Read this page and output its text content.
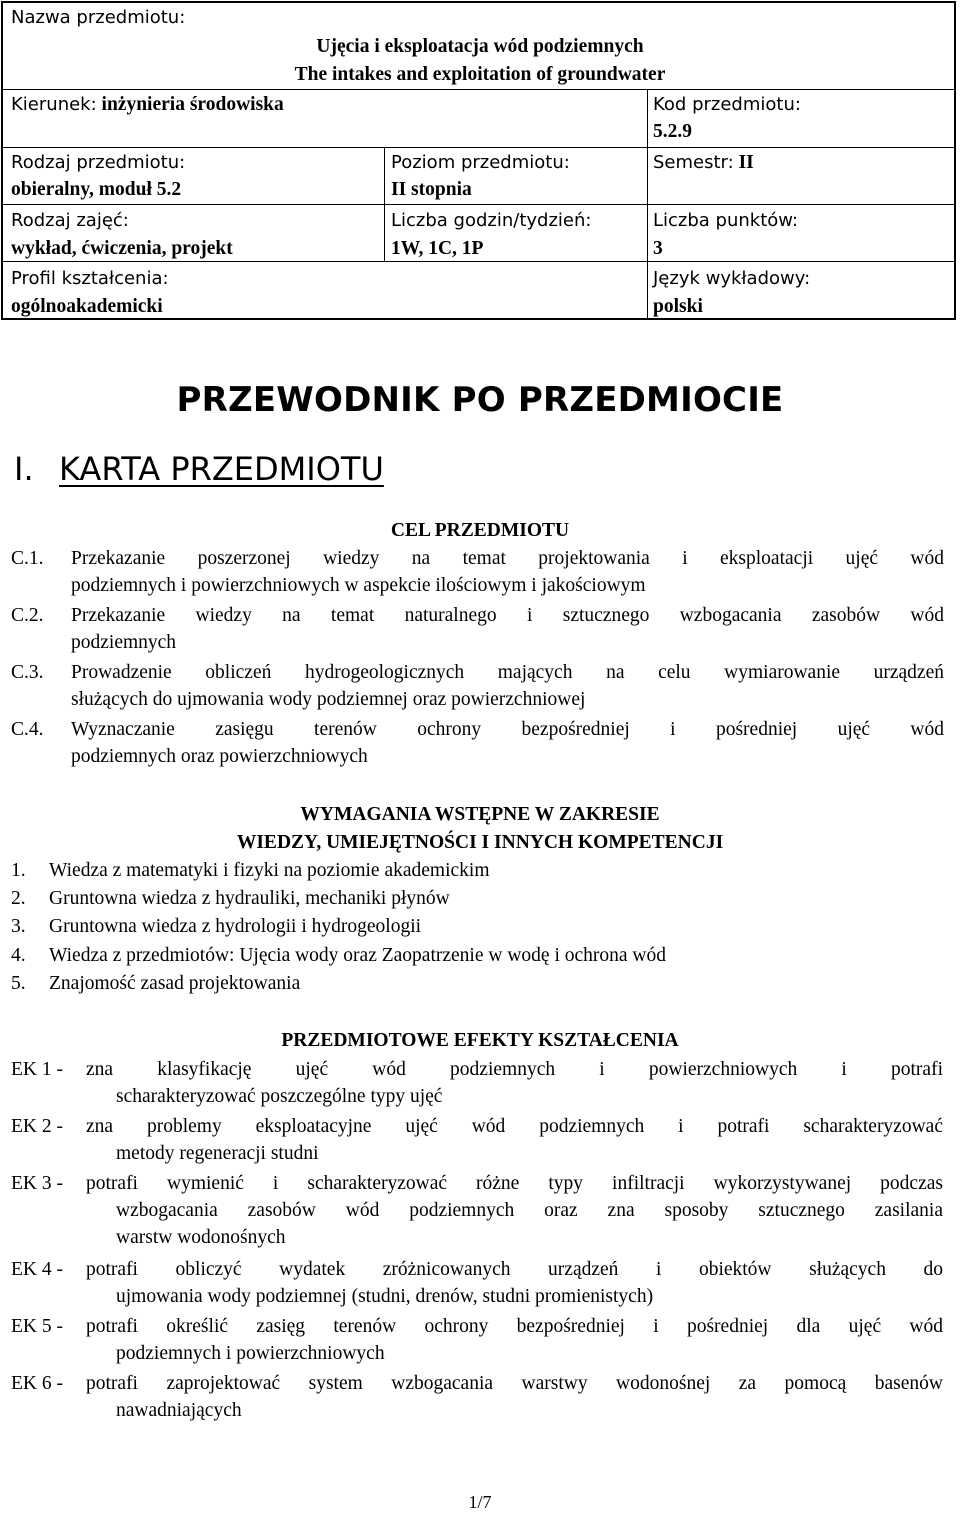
Nazwa przedmiotu:
Ujęcia i eksploatacja wód podziemnych
The intakes and exploitation of groundwater
Kierunek: inżynieria środowiska	Kod przedmiotu:
5.2.9
Rodzaj przedmiotu:
obieralny, moduł 5.2
Poziom przedmiotu:
II stopnia
Semestr: II
Rodzaj zajęć:
wykład, ćwiczenia, projekt
Liczba godzin/tydzień:
1W, 1C, 1P
Liczba punktów:
3
Profil kształcenia:
ogólnoakademicki
Język wykładowy:
polski
PRZEWODNIK PO PRZEDMIOCIE
I. KARTA PRZEDMIOTU
CEL PRZEDMIOTU
C.1. Przekazanie poszerzonej wiedzy na temat projektowania i eksploatacji ujęć wód
podziemnych i powierzchniowych w aspekcie ilościowym i jakościowym
C.2. Przekazanie wiedzy na temat naturalnego i sztucznego wzbogacania zasobów wód
podziemnych
C.3. Prowadzenie obliczeń hydrogeologicznych mających na celu wymiarowanie urządzeń
służących do ujmowania wody podziemnej oraz powierzchniowej
C.4. Wyznaczanie zasięgu terenów ochrony bezpośredniej i pośredniej ujęć wód
podziemnych oraz powierzchniowych
WYMAGANIA WSTĘPNE W ZAKRESIE
WIEDZY, UMIEJĘTNOŚCI I INNYCH KOMPETENCJI
1. Wiedza z matematyki i fizyki na poziomie akademickim
2. Gruntowna wiedza z hydrauliki, mechaniki płynów
3. Gruntowna wiedza z hydrologii i hydrogeologii
4. Wiedza z przedmiotów: Ujęcia wody oraz Zaopatrzenie w wodę i ochrona wód
5. Znajomość zasad projektowania
PRZEDMIOTOWE EFEKTY KSZTAŁCENIA
EK 1 - zna klasyfikację ujęć wód podziemnych i powierzchniowych i potrafi
scharakteryzować poszczególne typy ujęć
EK 2 - zna problemy eksploatacyjne ujęć wód podziemnych i potrafi scharakteryzować
metody regeneracji studni
EK 3 - potrafi wymienić i scharakteryzować różne typy infiltracji wykorzystywanej podczas
wzbogacania zasobów wód podziemnych oraz zna sposoby sztucznego zasilania
warstw wodonośnych
EK 4 - potrafi obliczyć wydatek zróżnicowanych urządzeń i obiektów służących do
ujmowania wody podziemnej (studni, drenów, studni promienistych)
EK 5 - potrafi określić zasięg terenów ochrony bezpośredniej i pośredniej dla ujęć wód
podziemnych i powierzchniowych
EK 6 - potrafi zaprojektować system wzbogacania warstwy wodonośnej za pomocą basenów
nawadniających
1/7
